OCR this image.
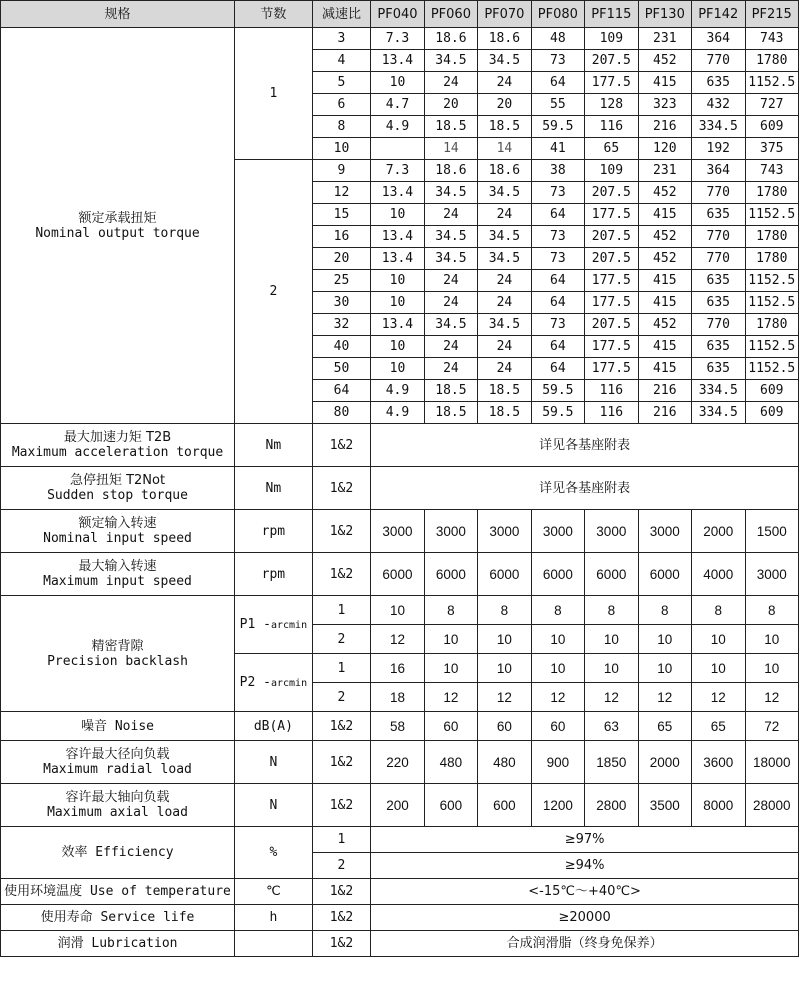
规格	节数	减速比	PF040	PF060	PF070	PF080	PF115	PF130	PF142	PF215

额定承载扭矩
Nominal output torque	1	3	7.3	18.6	18.6	48	109	231	364	743
		4	13.4	34.5	34.5	73	207.5	452	770	1780
		5	10	24	24	64	177.5	415	635	1152.5
		6	4.7	20	20	55	128	323	432	727
		8	4.9	18.5	18.5	59.5	116	216	334.5	609
		10		14	14	41	65	120	192	375
	2	9	7.3	18.6	18.6	38	109	231	364	743
		12	13.4	34.5	34.5	73	207.5	452	770	1780
		15	10	24	24	64	177.5	415	635	1152.5
		16	13.4	34.5	34.5	73	207.5	452	770	1780
		20	13.4	34.5	34.5	73	207.5	452	770	1780
		25	10	24	24	64	177.5	415	635	1152.5
		30	10	24	24	64	177.5	415	635	1152.5
		32	13.4	34.5	34.5	73	207.5	452	770	1780
		40	10	24	24	64	177.5	415	635	1152.5
		50	10	24	24	64	177.5	415	635	1152.5
		64	4.9	18.5	18.5	59.5	116	216	334.5	609
		80	4.9	18.5	18.5	59.5	116	216	334.5	609

最大加速力矩 T2B
Maximum acceleration torque	Nm	1&2	详见各基座附表							

急停扭矩 T2Not
Sudden stop torque	Nm	1&2	详见各基座附表							

额定输入转速
Nominal input speed	rpm	1&2	3000	3000	3000	3000	3000	3000	2000	1500

最大输入转速
Maximum input speed	rpm	1&2	6000	6000	6000	6000	6000	6000	4000	3000

精密背隙
Precision backlash	P1 -arcmin	1	10	8	8	8	8	8	8	8
		2	12	10	10	10	10	10	10	10
	P2 -arcmin	1	16	10	10	10	10	10	10	10
		2	18	12	12	12	12	12	12	12
噪音 Noise	dB(A)	1&2	58	60	60	60	63	65	65	72

容许最大径向负载
Maximum radial load	N	1&2	220	480	480	900	1850	2000	3600	18000

容许最大轴向负载
Maximum axial load	N	1&2	200	600	600	1200	2800	3500	8000	28000
效率 Efficiency	%	1	≥97%							
		2	≥94%							
使用环境温度 Use of temperature	℃	1&2	<-15℃～+40℃>							
使用寿命 Service life	h	1&2	≥20000							
润滑 Lubrication		1&2	合成润滑脂（终身免保养）							
